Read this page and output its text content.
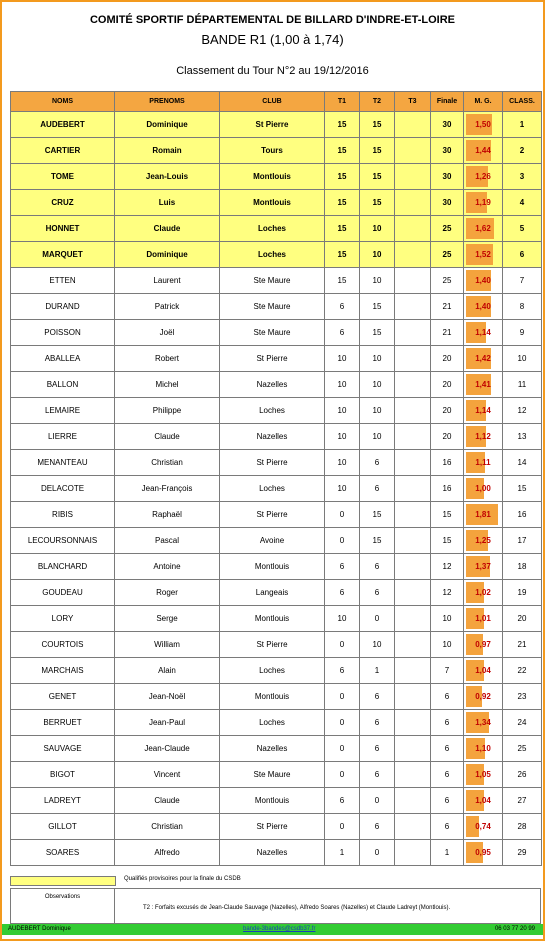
COMITÉ SPORTIF DÉPARTEMENTAL DE BILLARD D'INDRE-ET-LOIRE
BANDE R1 (1,00 à 1,74)
Classement du Tour N°2 au 19/12/2016
NOMS	PRENOMS	CLUB	T1	T2	T3	Finale	M. G.	CLASS.
AUDEBERT	Dominique	St Pierre	15	15		30	1,50	1
CARTIER	Romain	Tours	15	15		30	1,44	2
TOME	Jean-Louis	Montlouis	15	15		30	1,26	3
CRUZ	Luis	Montlouis	15	15		30	1,19	4
HONNET	Claude	Loches	15	10		25	1,62	5
MARQUET	Dominique	Loches	15	10		25	1,52	6
ETTEN	Laurent	Ste Maure	15	10		25	1,40	7
DURAND	Patrick	Ste Maure	6	15		21	1,40	8
POISSON	Joël	Ste Maure	6	15		21	1,14	9
ABALLEA	Robert	St Pierre	10	10		20	1,42	10
BALLON	Michel	Nazelles	10	10		20	1,41	11
LEMAIRE	Philippe	Loches	10	10		20	1,14	12
LIERRE	Claude	Nazelles	10	10		20	1,12	13
MENANTEAU	Christian	St Pierre	10	6		16	1,11	14
DELACOTE	Jean-François	Loches	10	6		16	1,00	15
RIBIS	Raphaël	St Pierre	0	15		15	1,81	16
LECOURSONNAIS	Pascal	Avoine	0	15		15	1,25	17
BLANCHARD	Antoine	Montlouis	6	6		12	1,37	18
GOUDEAU	Roger	Langeais	6	6		12	1,02	19
LORY	Serge	Montlouis	10	0		10	1,01	20
COURTOIS	William	St Pierre	0	10		10	0,97	21
MARCHAIS	Alain	Loches	6	1		7	1,04	22
GENET	Jean-Noël	Montlouis	0	6		6	0,92	23
BERRUET	Jean-Paul	Loches	0	6		6	1,34	24
SAUVAGE	Jean-Claude	Nazelles	0	6		6	1,10	25
BIGOT	Vincent	Ste Maure	0	6		6	1,05	26
LADREYT	Claude	Montlouis	6	0		6	1,04	27
GILLOT	Christian	St Pierre	0	6		6	0,74	28
SOARES	Alfredo	Nazelles	1	0		1	0,95	29
Qualifiés provisoires pour la finale du CSDB
Observations
T2 : Forfaits excusés de Jean-Claude Sauvage (Nazelles), Alfredo Soares (Nazelles) et Claude Ladreyt (Montlouis).
AUDEBERT Dominique	bande-3bandes@csdb37.fr	06 03 77 20 99
